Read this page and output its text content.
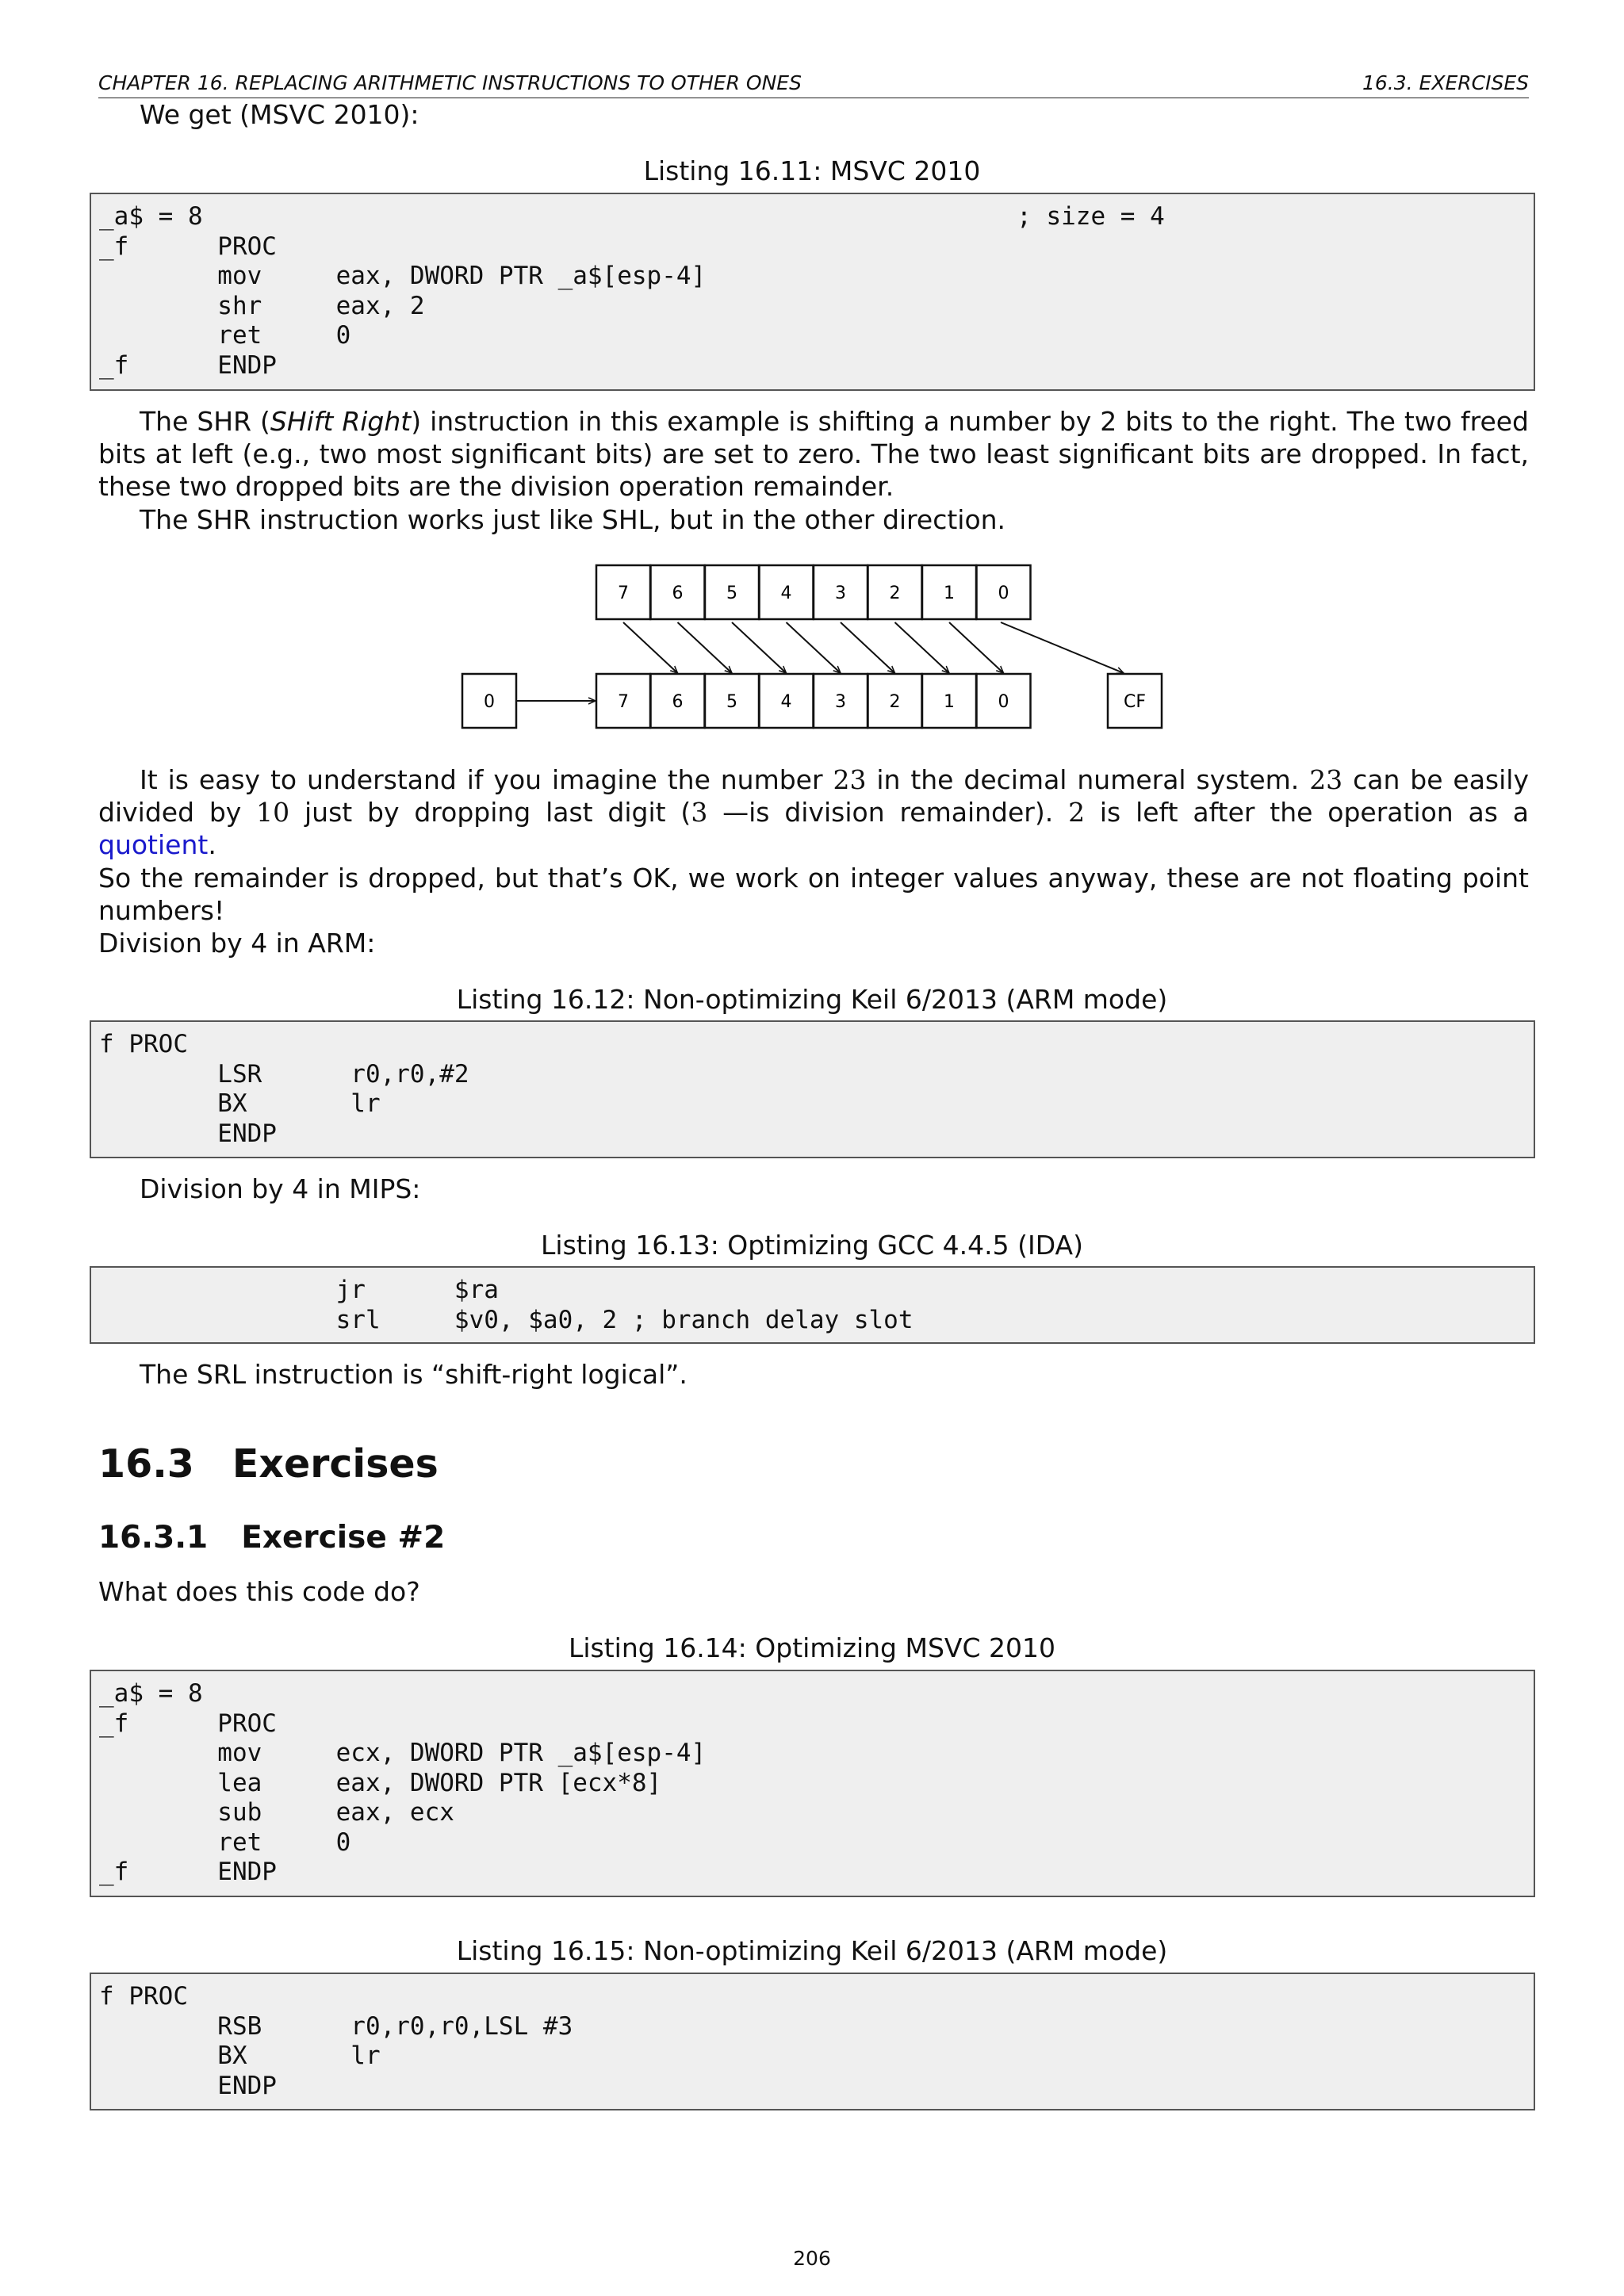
CHAPTER 16. REPLACING ARITHMETIC INSTRUCTIONS TO OTHER ONES	16.3. EXERCISES

We get (MSVC 2010):

Listing 16.11: MSVC 2010
_a$ = 8                                                       ; size = 4
_f      PROC
mov     eax, DWORD PTR _a$[esp-4]
shr     eax, 2
ret     0
_f      ENDP

The SHR (SHift Right) instruction in this example is shifting a number by 2 bits to the right. The two freed bits at left (e.g., two most significant bits) are set to zero. The two least significant bits are dropped. In fact, these two dropped bits are the division operation remainder.

The SHR instruction works just like SHL, but in the other direction.

7 6 5 4 3 2 1 0
7 6 5 4 3 2 1 0
0	CF

It is easy to understand if you imagine the number 23 in the decimal numeral system. 23 can be easily divided by 10 just by dropping last digit (3 —is division remainder). 2 is left after the operation as a quotient.

So the remainder is dropped, but that’s OK, we work on integer values anyway, these are not floating point numbers!

Division by 4 in ARM:

Listing 16.12: Non-optimizing Keil 6/2013 (ARM mode)
f PROC
LSR      r0,r0,#2
BX       lr
ENDP

Division by 4 in MIPS:

Listing 16.13: Optimizing GCC 4.4.5 (IDA)
jr      $ra
srl     $v0, $a0, 2 ; branch delay slot

The SRL instruction is “shift-right logical”.

16.3 Exercises
16.3.1 Exercise #2

What does this code do?

Listing 16.14: Optimizing MSVC 2010
_a$ = 8
_f      PROC
mov     ecx, DWORD PTR _a$[esp-4]
lea     eax, DWORD PTR [ecx*8]
sub     eax, ecx
ret     0
_f      ENDP
Listing 16.15: Non-optimizing Keil 6/2013 (ARM mode)
f PROC
RSB      r0,r0,r0,LSL #3
BX       lr
ENDP
206
